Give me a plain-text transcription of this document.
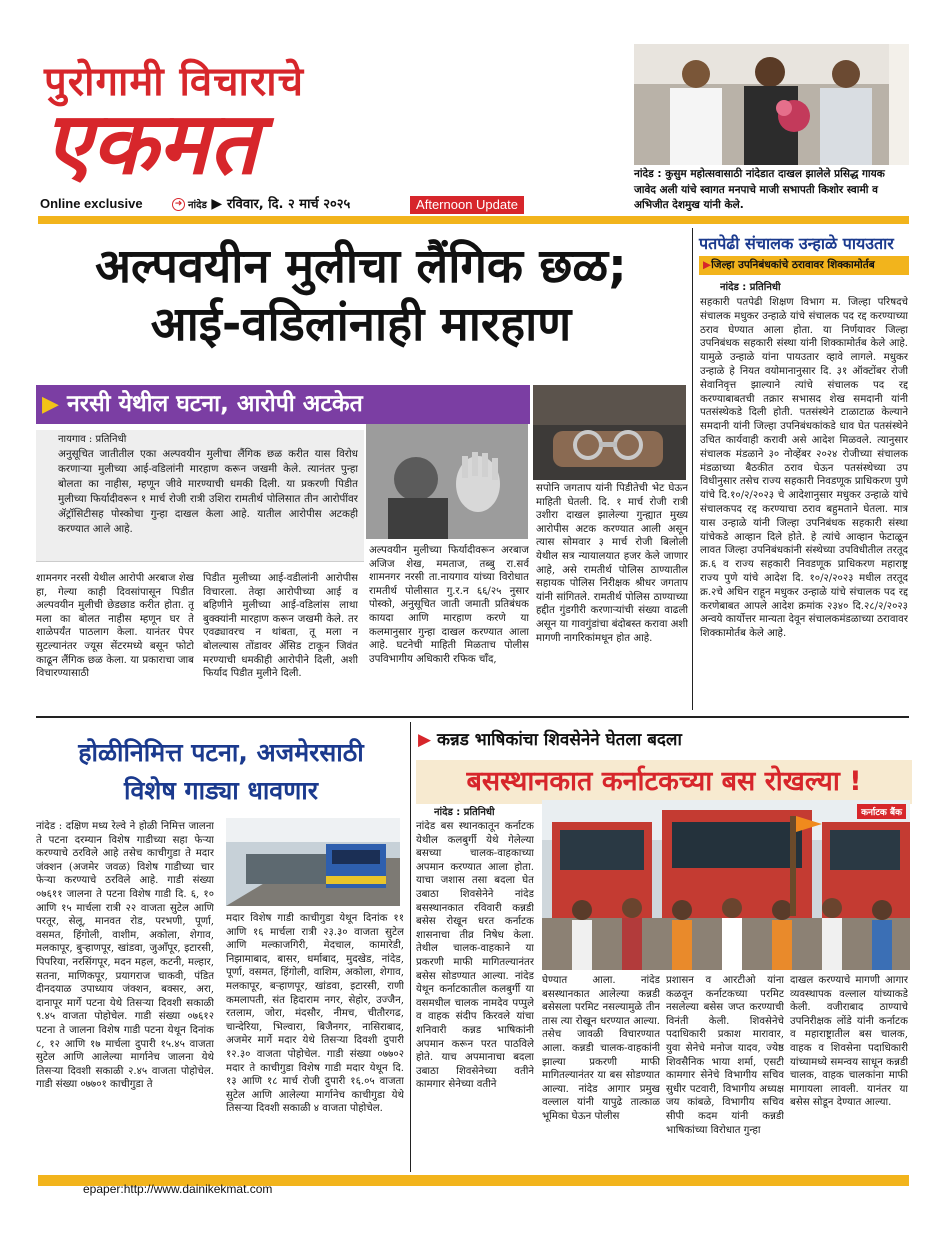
पुरोगामी विचाराचे
एकमत
Online exclusive	➜ नांदेड ▶ रविवार, दि. २ मार्च २०२५	Afternoon Update
नांदेड : कुसुम महोत्सवासाठी नांदेडात दाखल झालेले प्रसिद्ध गायक जावेद अली यांचे स्वागत मनपाचे माजी सभापती किशोर स्वामी व अभिजीत देशमुख यांनी केले.
अल्पवयीन मुलीचा लैंगिक छळ;
आई-वडिलांनाही मारहाण
▶ नरसी येथील घटना, आरोपी अटकेत
नायगाव : प्रतिनिधी
अनुसूचित जातीतील एका अल्पवयीन मुलीचा लैंगिक छळ करीत यास विरोध करणाऱ्या मुलीच्या आई-वडिलांनी मारहाण करून जखमी केले. त्यानंतर पुन्हा बोलता का नाहीस, म्हणून जीवे मारण्याची धमकी दिली. या प्रकरणी पिडीत मुलीच्या फिर्यादीवरून १ मार्च रोजी रात्री उशिरा रामतीर्थ पोलिसात तीन आरोपींवर ॲट्रॉसिटीसह पोस्कोचा गुन्हा दाखल केला आहे. यातील आरोपीस अटकही करण्यात आले आहे.
शामनगर नरसी येथील आरोपी अरबाज शेख हा, गेल्या काही दिवसांपासून पिडीत अल्पवयीन मुलीची छेडछाड करीत होता. तू मला का बोलत नाहीस म्हणून घर ते शाळेपर्यंत पाठलाग केला. यानंतर पेपर सुटल्यानंतर ज्यूस सेंटरमध्ये बसून फोटो काढून लैंगिक छळ केला. या प्रकाराचा जाब विचारण्यासाठी
पिडीत मुलीच्या आई-वडीलांनी आरोपीस विचारला. तेव्हा आरोपीच्या आई व बहिणीने मुलीच्या आई-वडिलांस लाथा बुक्क्यांनी मारहाण करून जखमी केले. तर एवढ्यावरच न थांबता, तू मला न बोलल्यास तोंडावर ॲसिड टाकून जिवंत मरण्याची धमकीही आरोपीने दिली, अशी फिर्याद पिडीत मुलीने दिली.
अल्पवयीन मुलीच्या फिर्यादीवरून अरबाज अजिज शेख, ममताज, तब्बु रा.सर्व शामनगर नरसी ता.नायगाव यांच्या विरोधात रामतीर्थ पोलीसात गु.र.न ६६/२५ नुसार पोस्को, अनुसूचित जाती जमाती प्रतिबंधक कायदा आणि मारहाण करणे या कलमानुसार गुन्हा दाखल करण्यात आला आहे. घटनेची माहिती मिळताच पोलीस उपविभागीय अधिकारी रफिक चाँद,
सपोनि जगताप यांनी पिडीतेची भेट घेऊन माहिती घेतली. दि. १ मार्च रोजी रात्री उशीरा दाखल झालेल्या गुन्ह्यात मुख्य आरोपीस अटक करण्यात आली असून त्यास सोमवार ३ मार्च रोजी बिलोली येथील सत्र न्यायालयात हजर केले जाणार आहे, असे रामतीर्थ पोलिस ठाण्यातील सहायक पोलिस निरीक्षक श्रीधर जगताप यांनी सांगितले. रामतीर्थ पोलिस ठाण्याच्या हद्दीत गुंडगीरी करणाऱ्यांची संख्या वाढली असून या गावगुंडांचा बंदोबस्त करावा अशी मागणी नागरिकांमधून होत आहे.
पतपेढी संचालक उन्हाळे पायउतार
▶जिल्हा उपनिबंधकांचे ठरावावर शिक्कामोर्तब
नांदेड : प्रतिनिधी
सहकारी पतपेढी शिक्षण विभाग म. जिल्हा परिषदचे संचालक मधुकर उन्हाळे यांचे संचालक पद रद्द करण्याच्या ठराव घेण्यात आला होता. या निर्णयावर जिल्हा उपनिबंधक सहकारी संस्था यांनी शिक्कामोर्तब केले आहे. यामुळे उन्हाळे यांना पायउतार व्हावे लागले. मधुकर उन्हाळे हे नियत वयोमानानुसार दि. ३१ ऑक्टोंबर रोजी सेवानिवृत्त झाल्याने त्यांचे संचालक पद रद्द करण्याबाबतची तक्रार सभासद शेख समदानी यांनी पतसंस्थेकडे दिली होती. पतसंस्थेने टाळाटाळ केल्याने समदानी यांनी जिल्हा उपनिबंधकांकडे धाव घेत पतसंस्थेने उचित कार्यवाही करावी असे आदेश मिळवले. त्यानुसार संचालक मंडळाने ३० नोव्हेंबर २०२४ रोजीच्या संचालक मंडळाच्या बैठकीत ठराव घेऊन पतसंस्थेच्या उप विधीनुसार तसेच राज्य सहकारी निवडणूक प्राधिकरण पुणे यांचे दि.१०/२/२०२३ चे आदेशानुसार मधुकर उन्हाळे यांचे संचालकपद रद्द करण्याचा ठराव बहुमताने घेतला. मात्र यास उन्हाळे यांनी जिल्हा उपनिबंधक सहकारी संस्था यांचेकडे आव्हान दिले होते. हे त्यांचे आव्हान फेटाळून लावत जिल्हा उपनिबंधकांनी संस्थेच्या उपविधीतील तरतूद क्र.६ व राज्य सहकारी निवडणूक प्राधिकरण महाराष्ट्र राज्य पुणे यांचे आदेश दि. १०/२/२०२३ मधील तरतूद क्र.२चे अधिन राहून मधुकर उन्हाळे यांचे संचालक पद रद्द करणेबाबत आपले आदेश क्रमांक २३४० दि.२८/२/२०२३ अन्वये कार्योत्तर मान्यता देवून संचालकमंडळाच्या ठरावावर शिक्कामोर्तब केले आहे.
होळीनिमित्त पटना, अजमेरसाठी
विशेष गाड्या धावणार
नांदेड : दक्षिण मध्य रेल्वे ने होळी निमित्त जालना ते पटना दरम्यान विशेष गाडीच्या सहा फेऱ्या करण्याचे ठरविले आहे तसेच काचीगुडा ते मदार जंक्शन (अजमेर जवळ) विशेष गाडीच्या चार फेऱ्या करण्याचे ठरविले आहे. गाडी संख्या ०७६११ जालना ते पटना विशेष गाडी दि. ६, १० आणि १५ मार्चला रात्री २२ वाजता सुटेल आणि परतूर, सेलू, मानवत रोड, परभणी, पूर्णा, वसमत, हिंगोली, वाशीम, अकोला, शेगाव, मलकापूर, बुऱ्हाणपूर, खांडवा, जुआँपूर, इटारसी, पिपरिया, नरसिंगपूर, मदन महल, कटनी, मल्हार, सतना, माणिकपूर, प्रयागराज चाकवी, पंडित दीनदयाळ उपाध्याय जंक्शन, बक्सर, अरा, दानापूर मार्गे पटना येथे तिसऱ्या दिवशी सकाळी ९.४५ वाजता पोहोचेल. गाडी संख्या ०७६१२ पटना ते जालना विशेष गाडी पटना येथून दिनांक ८, १२ आणि १७ मार्चला दुपारी १५.४५ वाजता सुटेल आणि आलेल्या मार्गानेच जालना येथे तिसऱ्या दिवशी सकाळी २.४५ वाजता पोहोचेल. गाडी संख्या ०७७०१ काचीगुडा ते
मदार विशेष गाडी काचीगुडा येथून दिनांक ११ आणि १६ मार्चला रात्री २३.३० वाजता सुटेल आणि मल्काजगिरी, मेदचाल, कामारेडी, निझामाबाद, बासर, धर्माबाद, मुदखेड, नांदेड, पूर्णा, वसमत, हिंगोली, वाशिम, अकोला, शेगाव, मलकापूर, बऱ्हाणपूर, खांडवा, इटारसी, राणी कमलापती, संत हिदाराम नगर, सेहोर, उज्जैन, रतलाम, जोरा, मंदसौर, नीमच, चीतौरगढ, चान्देरिया, भिल्वारा, बिजैनगर, नासिराबाद, अजमेर मार्गे मदार येथे तिसऱ्या दिवशी दुपारी १२.३० वाजता पोहोचेल. गाडी संख्या ०७७०२ मदार ते काचीगुडा विशेष गाडी मदार येथून दि. १३ आणि १८ मार्च रोजी दुपारी १६.०५ वाजता सुटेल आणि आलेल्या मार्गानेच काचीगुडा येथे तिसऱ्या दिवशी सकाळी ४ वाजता पोहोचेल.
▶ कन्नड भाषिकांचा शिवसेनेने घेतला बदला
बसस्थानकात कर्नाटकच्या बस रोखल्या !
नांदेड : प्रतिनिधी
नांदेड बस स्थानकातून कर्नाटक येथील कलबुर्गी येथे गेलेल्या बसच्या चालक-वाहकाच्या अपमान करण्यात आला होता. याचा जशास तसा बदला घेत उबाठा शिवसेनेने नांदेड बसस्थानकात रविवारी कन्नडी बसेस रोखून धरत कर्नाटक शासनाचा तीव्र निषेध केला. तेथील चालक-वाहकाने या प्रकरणी माफी मागितल्यानंतर बसेस सोडण्यात आल्या. नांदेड येथून कर्नाटकातील कलबुर्गी या वसमधील चालक नामदेव पप्पुले व वाहक संदीप किरवले यांचा शनिवारी कन्नड भाषिकांनी अपमान करून परत पाठविले होते. याच अपमानाचा बदला उबाठा शिवसेनेच्या वतीने कामगार सेनेच्या वतीने
कर्नाटक बैंक
घेण्यात आला. नांदेड बसस्थानकात आलेल्या कन्नडी बसेसला परमिट नसल्यामुळे तीन तास त्या रोखून धरण्यात आल्या. तसेच जावळी विचारण्यात आला. कन्नडी चालक-वाहकांनी झाल्या प्रकरणी माफी मागितल्यानंतर या बस सोडण्यात आल्या. नांदेड आगार प्रमुख वल्लाल यांनी यापुढे तात्काळ भूमिका घेऊन पोलीस
प्रशासन व आरटीओ यांना कळवून कर्नाटकच्या परमिट नसलेल्या बसेस जप्त करण्याची विनंती केली. शिवसेनेचे पदाधिकारी प्रकाश मारावार, युवा सेनेचे मनोज यादव, ज्येष्ठ शिवसैनिक भाया शर्मा, एसटी कामगार सेनेचे विभागीय सचिव सुधीर पटवारी, विभागीय अध्यक्ष जय कांबळे, विभागीय सचिव सीपी कदम यांनी कन्नडी भाषिकांच्या विरोधात गुन्हा
दाखल करण्याचे मागणी आगार व्यवस्थापक वल्लाल यांच्याकडे केली. वजीराबाद ठाण्याचे उपनिरीक्षक लोंडे यांनी कर्नाटक व महाराष्ट्रातील बस चालक, वाहक व शिवसेना पदाधिकारी यांच्यामध्ये समन्वय साधून कन्नडी चालक, वाहक चालकांना माफी मागायला लावली. यानंतर या बसेस सोडून देण्यात आल्या.
epaper:http://www.dainikekmat.com
